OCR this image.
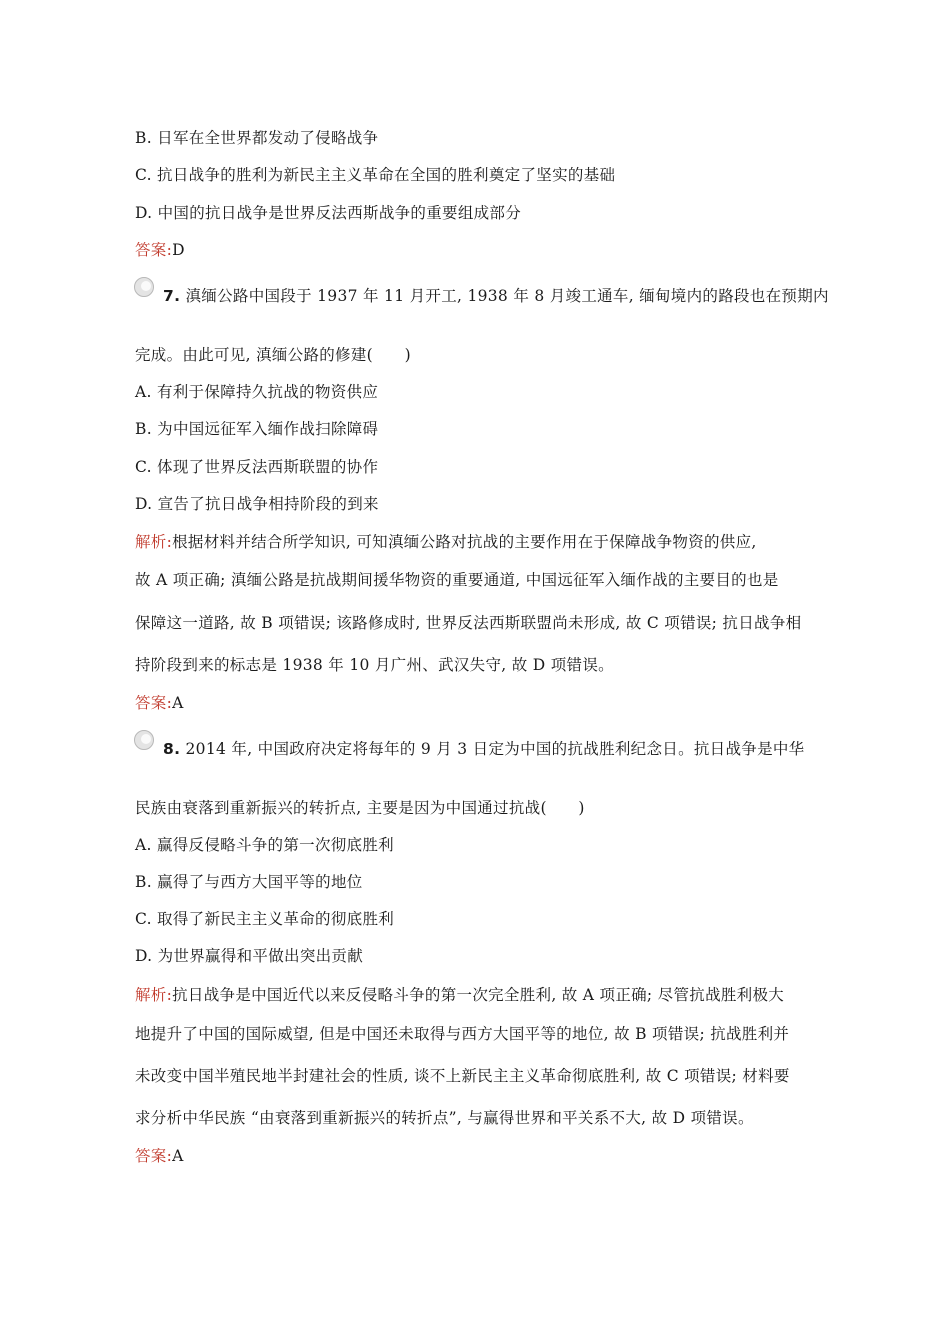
B. 日军在全世界都发动了侵略战争
C. 抗日战争的胜利为新民主主义革命在全国的胜利奠定了坚实的基础
D. 中国的抗日战争是世界反法西斯战争的重要组成部分
答案:D
7. 滇缅公路中国段于 1937 年 11 月开工, 1938 年 8 月竣工通车, 缅甸境内的路段也在预期内
完成。由此可见, 滇缅公路的修建(　　)
A. 有利于保障持久抗战的物资供应
B. 为中国远征军入缅作战扫除障碍
C. 体现了世界反法西斯联盟的协作
D. 宣告了抗日战争相持阶段的到来
解析:根据材料并结合所学知识, 可知滇缅公路对抗战的主要作用在于保障战争物资的供应,
故 A 项正确; 滇缅公路是抗战期间援华物资的重要通道, 中国远征军入缅作战的主要目的也是
保障这一道路, 故 B 项错误; 该路修成时, 世界反法西斯联盟尚未形成, 故 C 项错误; 抗日战争相
持阶段到来的标志是 1938 年 10 月广州、武汉失守, 故 D 项错误。
答案:A
8. 2014 年, 中国政府决定将每年的 9 月 3 日定为中国的抗战胜利纪念日。抗日战争是中华
民族由衰落到重新振兴的转折点, 主要是因为中国通过抗战(　　)
A. 赢得反侵略斗争的第一次彻底胜利
B. 赢得了与西方大国平等的地位
C. 取得了新民主主义革命的彻底胜利
D. 为世界赢得和平做出突出贡献
解析:抗日战争是中国近代以来反侵略斗争的第一次完全胜利, 故 A 项正确; 尽管抗战胜利极大
地提升了中国的国际威望, 但是中国还未取得与西方大国平等的地位, 故 B 项错误; 抗战胜利并
未改变中国半殖民地半封建社会的性质, 谈不上新民主主义革命彻底胜利, 故 C 项错误; 材料要
求分析中华民族 “由衰落到重新振兴的转折点”, 与赢得世界和平关系不大, 故 D 项错误。
答案:A
